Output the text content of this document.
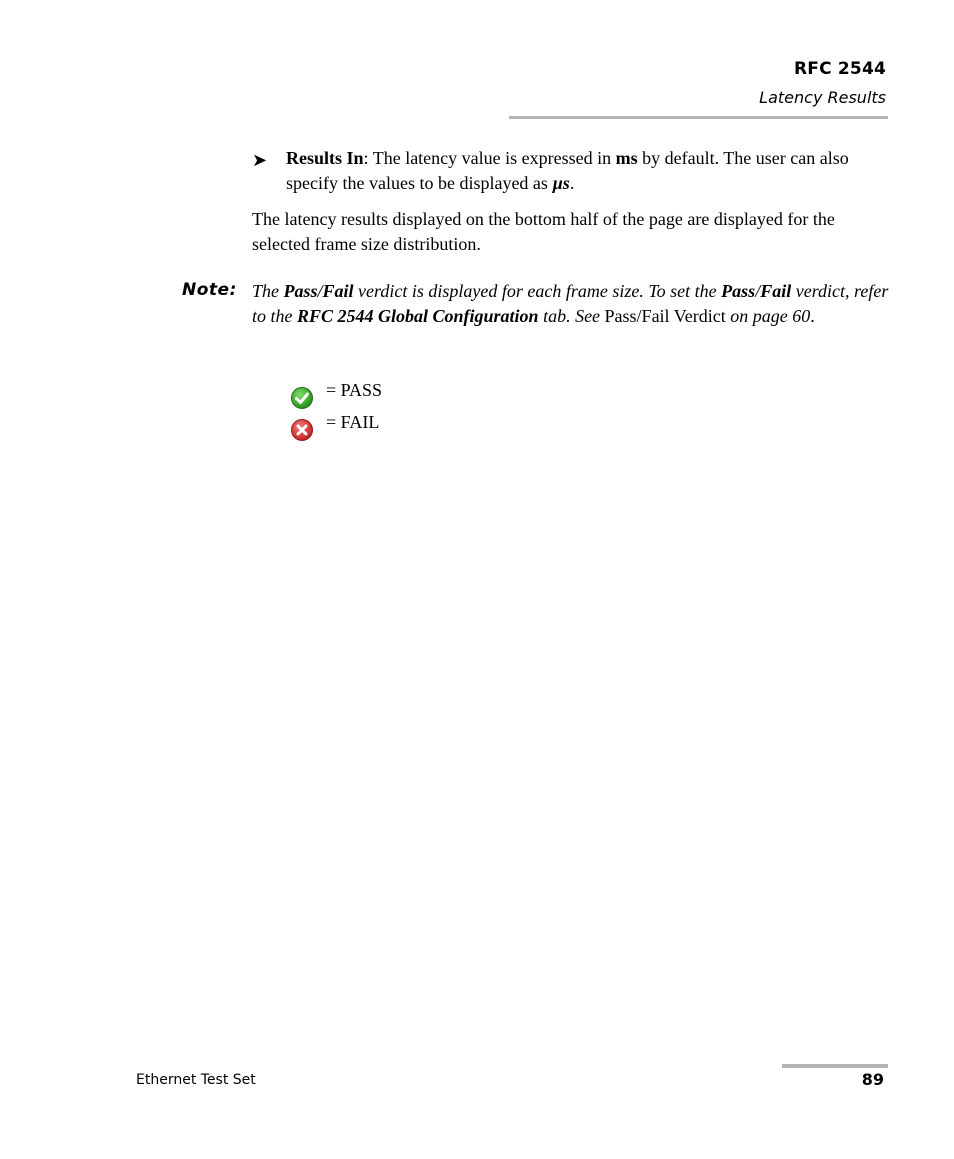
RFC 2544
Latency Results
➤ Results In: The latency value is expressed in ms by default. The user can also specify the values to be displayed as µs.
The latency results displayed on the bottom half of the page are displayed for the selected frame size distribution.
Note: The Pass/Fail verdict is displayed for each frame size. To set the Pass/Fail verdict, refer to the RFC 2544 Global Configuration tab. See Pass/Fail Verdict on page 60.
= PASS
= FAIL
Ethernet Test Set	89
